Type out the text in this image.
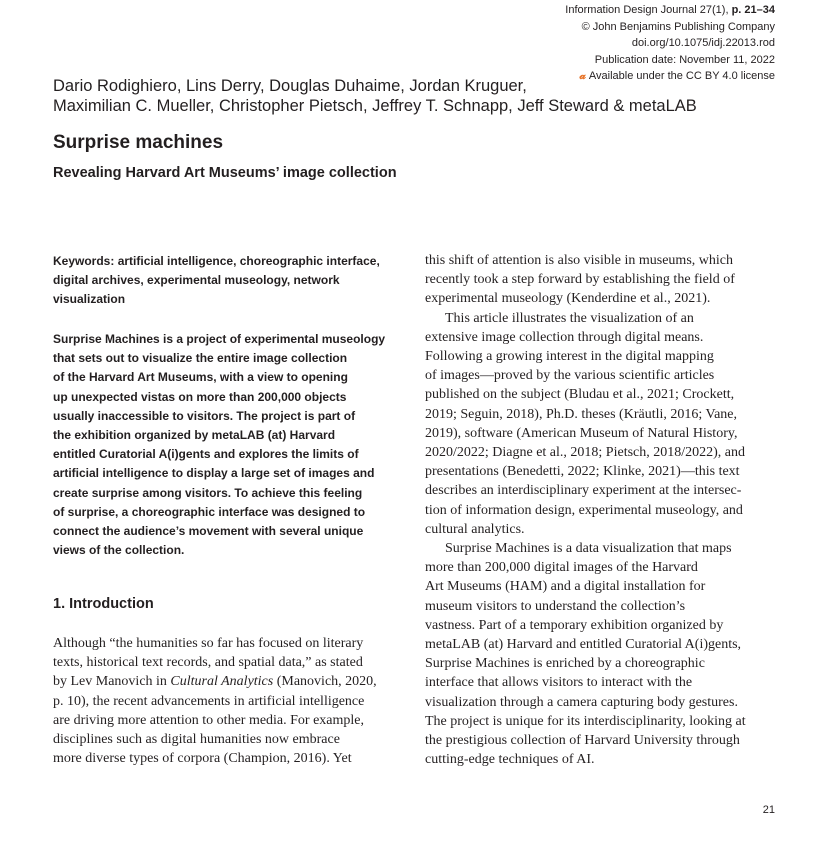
Information Design Journal 27(1), p. 21–34
© John Benjamins Publishing Company
doi.org/10.1075/idj.22013.rod
Publication date: November 11, 2022
𝓪 Available under the CC BY 4.0 license
Dario Rodighiero, Lins Derry, Douglas Duhaime, Jordan Kruguer,
Maximilian C. Mueller, Christopher Pietsch, Jeffrey T. Schnapp, Jeff Steward & metaLAB
Surprise machines
Revealing Harvard Art Museums’ image collection
Keywords: artificial intelligence, choreographic interface,
digital archives, experimental museology, network
visualization
Surprise Machines is a project of experimental museology
that sets out to visualize the entire image collection
of the Harvard Art Museums, with a view to opening
up unexpected vistas on more than 200,000 objects
usually inaccessible to visitors. The project is part of
the exhibition organized by metaLAB (at) Harvard
entitled Curatorial A(i)gents and explores the limits of
artificial intelligence to display a large set of images and
create surprise among visitors. To achieve this feeling
of surprise, a choreographic interface was designed to
connect the audience’s movement with several unique
views of the collection.
1. Introduction
Although “the humanities so far has focused on literary
texts, historical text records, and spatial data,” as stated
by Lev Manovich in Cultural Analytics (Manovich, 2020,
p. 10), the recent advancements in artificial intelligence
are driving more attention to other media. For example,
disciplines such as digital humanities now embrace
more diverse types of corpora (Champion, 2016). Yet
this shift of attention is also visible in museums, which
recently took a step forward by establishing the field of
experimental museology (Kenderdine et al., 2021).
This article illustrates the visualization of an
extensive image collection through digital means.
Following a growing interest in the digital mapping
of images—proved by the various scientific articles
published on the subject (Bludau et al., 2021; Crockett,
2019; Seguin, 2018), Ph.D. theses (Kräutli, 2016; Vane,
2019), software (American Museum of Natural History,
2020/2022; Diagne et al., 2018; Pietsch, 2018/2022), and
presentations (Benedetti, 2022; Klinke, 2021)—this text
describes an interdisciplinary experiment at the intersec-
tion of information design, experimental museology, and
cultural analytics.
Surprise Machines is a data visualization that maps
more than 200,000 digital images of the Harvard
Art Museums (HAM) and a digital installation for
museum visitors to understand the collection’s
vastness. Part of a temporary exhibition organized by
metaLAB (at) Harvard and entitled Curatorial A(i)gents,
Surprise Machines is enriched by a choreographic
interface that allows visitors to interact with the
visualization through a camera capturing body gestures.
The project is unique for its interdisciplinarity, looking at
the prestigious collection of Harvard University through
cutting-edge techniques of AI.
21
